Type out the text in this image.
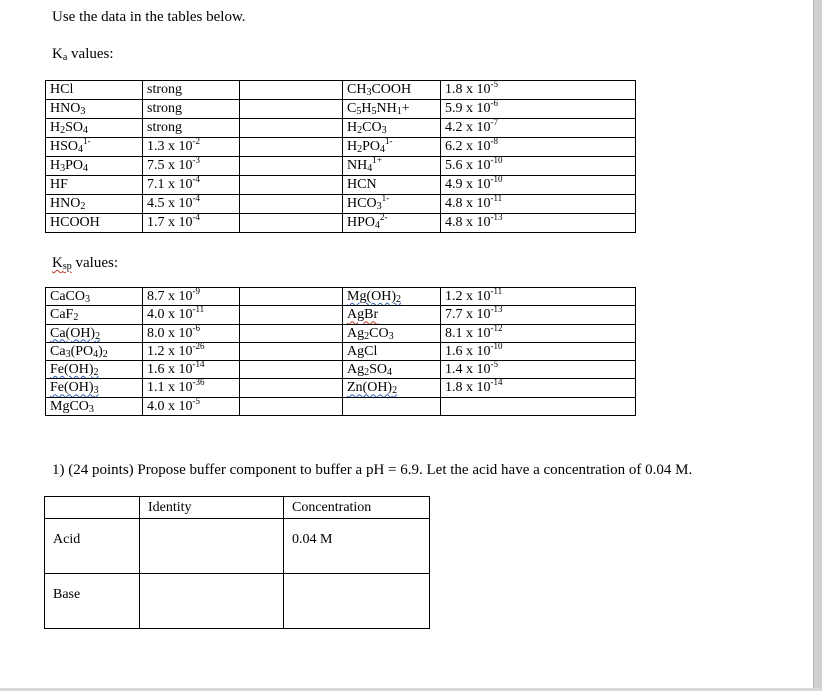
Use the data in the tables below.
$K_a$ values:
HCl	strong		$CH_3COOH$	1.8 x $10^{-5}$
$HNO_3$	strong		$C_5H_5NH_1+$	5.9 x $10^{-6}$
$H_2SO_4$	strong		$H_2CO_3$	4.2 x $10^{-7}$
$HSO_4^{1-}$	1.3 x $10^{-2}$		$H_2PO_4^{1-}$	6.2 x $10^{-8}$
$H_3PO_4$	7.5 x $10^{-3}$		$NH_4^{1+}$	5.6 x $10^{-10}$
HF	7.1 x $10^{-4}$		HCN	4.9 x $10^{-10}$
$HNO_2$	4.5 x $10^{-4}$		$HCO_3^{1-}$	4.8 x $10^{-11}$
HCOOH	1.7 x $10^{-4}$		$HPO_4^{2-}$	4.8 x $10^{-13}$
$K_{sp}$ values:
CaCO$_3$	8.7 x $10^{-9}$		$Mg(OH)_2$	1.2 x $10^{-11}$
CaF$_2$	4.0 x $10^{-11}$		AgBr	7.7 x $10^{-13}$
$Ca(OH)_2$	8.0 x $10^{-6}$		$Ag_2CO_3$	8.1 x $10^{-12}$
$Ca_3(PO_4)_2$	1.2 x $10^{-26}$		AgCl	1.6 x $10^{-10}$
$Fe(OH)_2$	1.6 x $10^{-14}$		$Ag_2SO_4$	1.4 x $10^{-5}$
$Fe(OH)_3$	1.1 x $10^{-36}$		$Zn(OH)_2$	1.8 x $10^{-14}$
MgCO$_3$	4.0 x $10^{-5}$			
1) (24 points) Propose buffer component to buffer a pH = 6.9. Let the acid have a concentration of 0.04 M.
	Identity	Concentration
Acid		0.04 M
Base		
